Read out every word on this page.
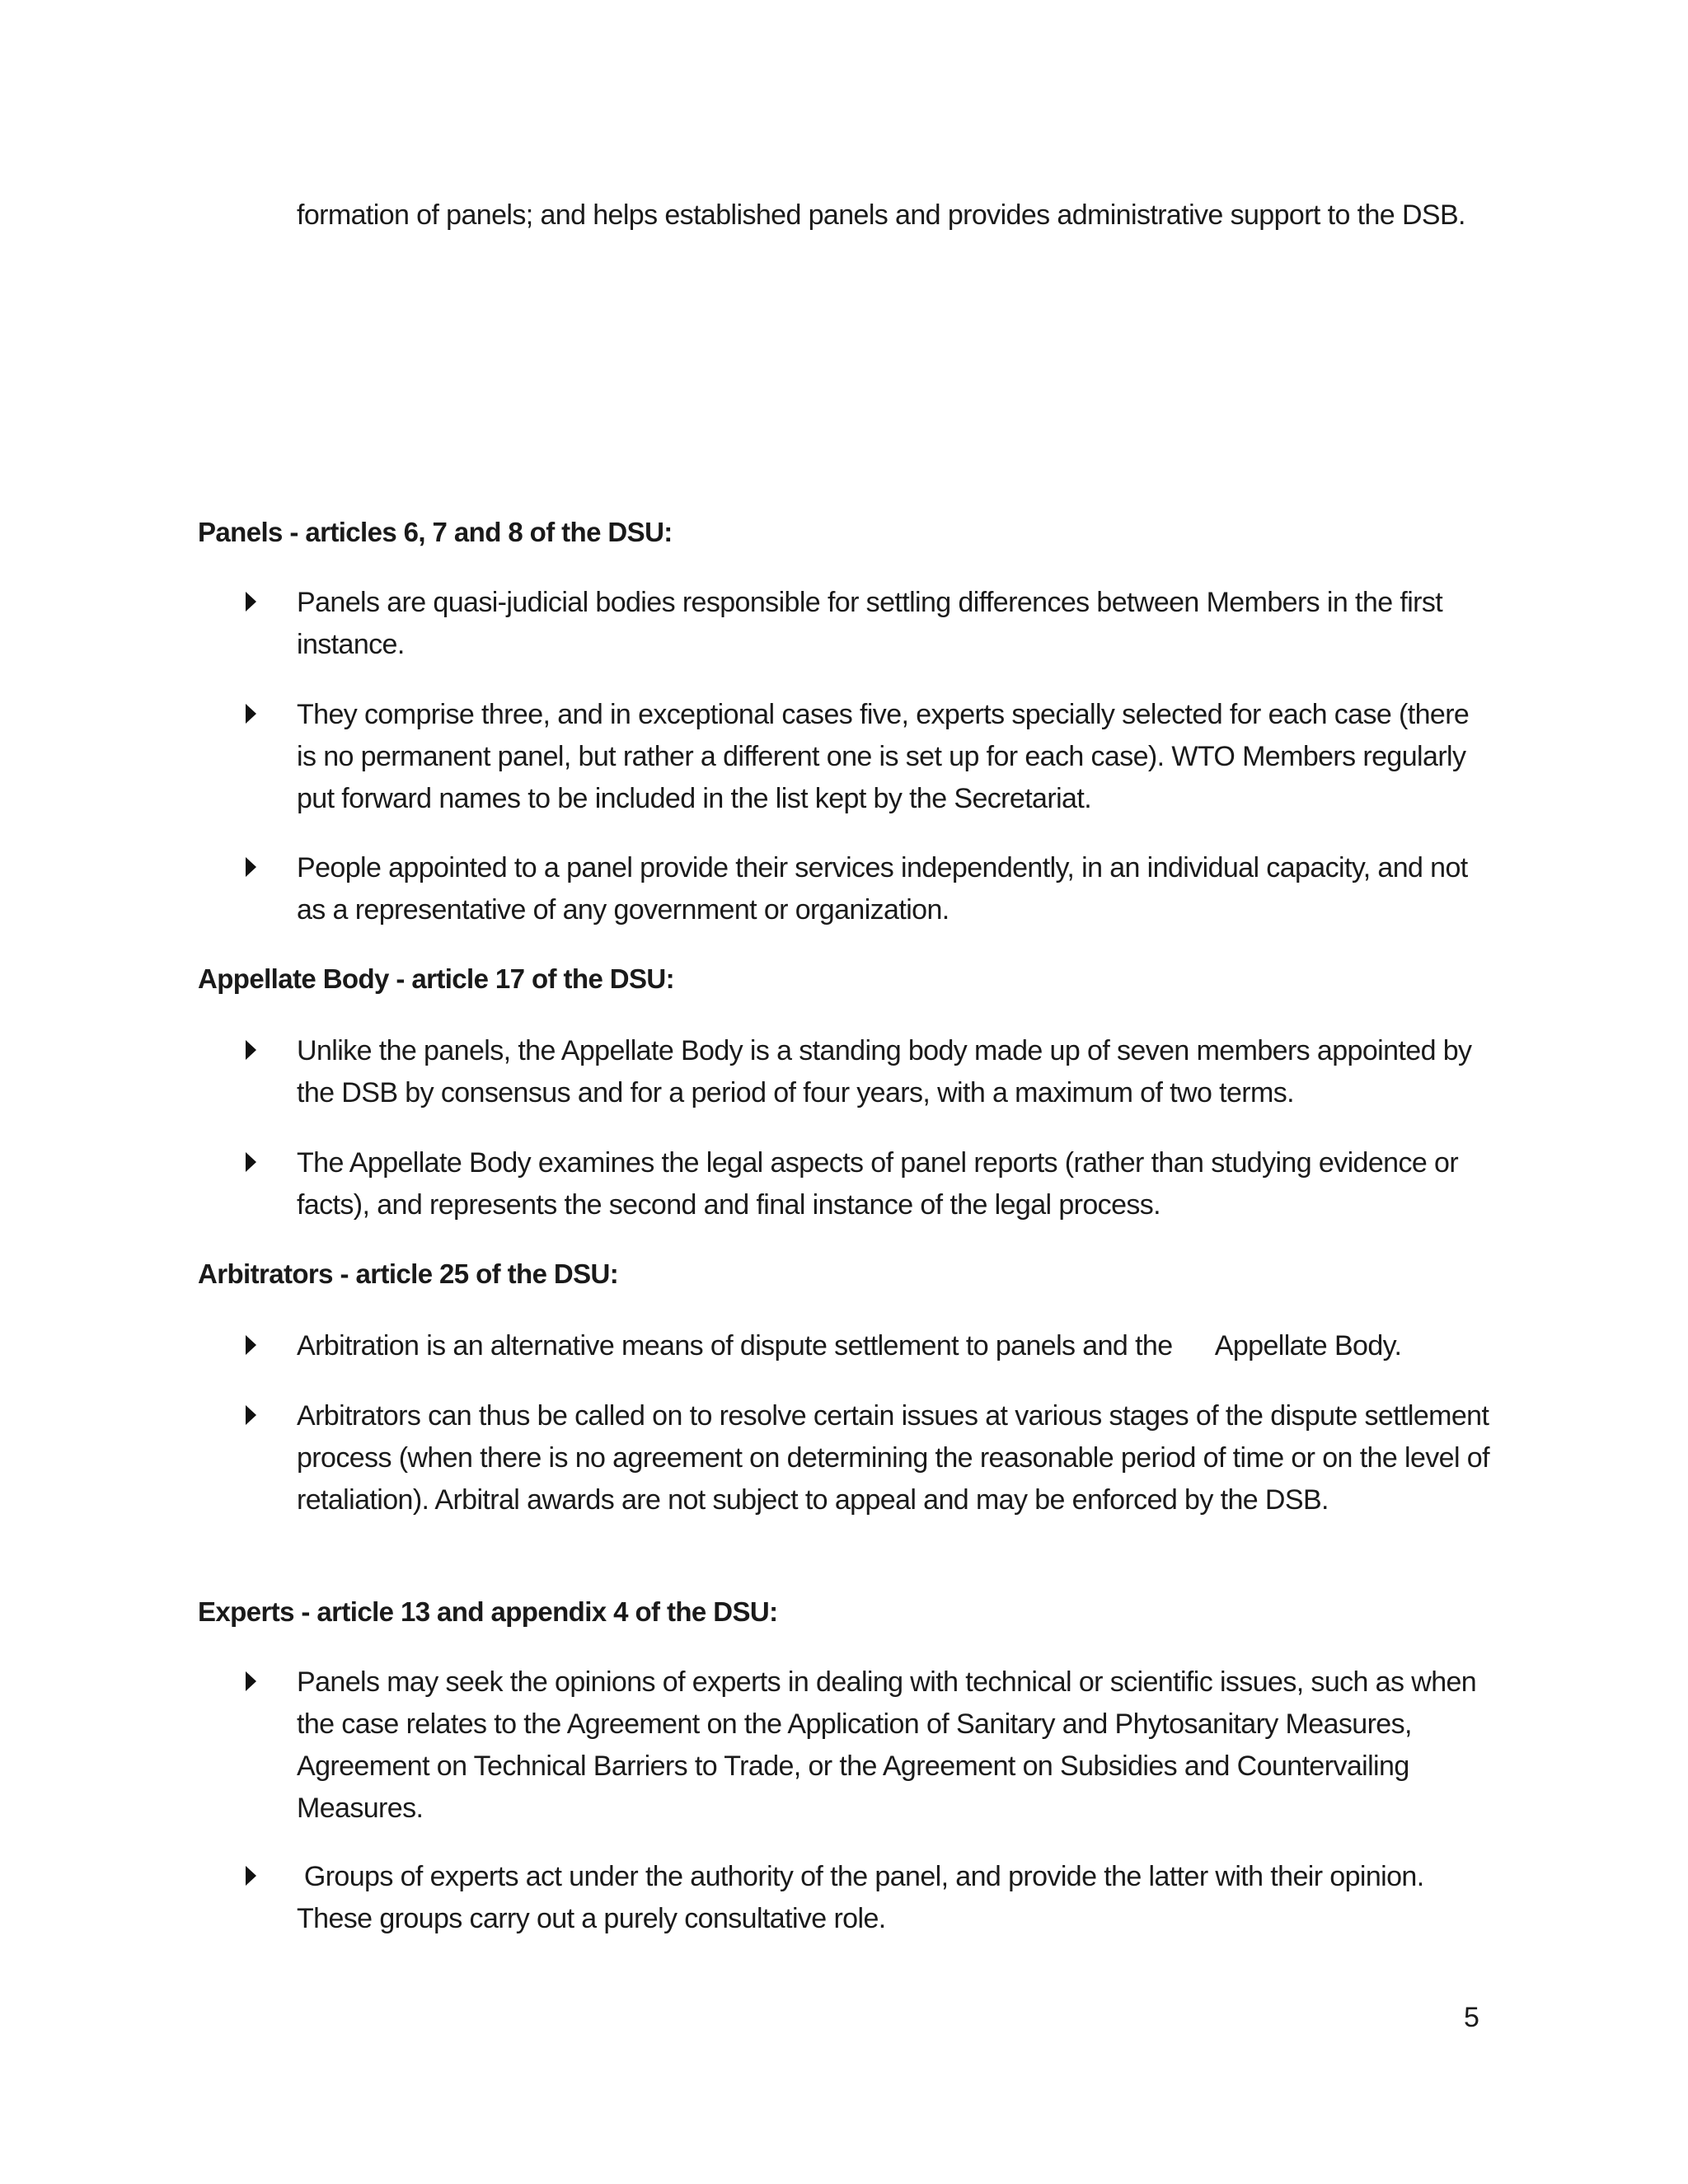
formation of panels; and helps established panels and provides administrative support to the DSB.

Panels - articles 6, 7 and 8 of the DSU:

Panels are quasi-judicial bodies responsible for settling differences between Members in the first instance.

They comprise three, and in exceptional cases five, experts specially selected for each case (there is no permanent panel, but rather a different one is set up for each case). WTO Members regularly put forward names to be included in the list kept by the Secretariat.

People appointed to a panel provide their services independently, in an individual capacity, and not as a representative of any government or organization.

Appellate Body - article 17 of the DSU:

Unlike the panels, the Appellate Body is a standing body made up of seven members appointed by the DSB by consensus and for a period of four years, with a maximum of two terms.

The Appellate Body examines the legal aspects of panel reports (rather than studying evidence or facts), and represents the second and final instance of the legal process.

Arbitrators - article 25 of the DSU:

Arbitration is an alternative means of dispute settlement to panels and the      Appellate Body.

Arbitrators can thus be called on to resolve certain issues at various stages of the dispute settlement process (when there is no agreement on determining the reasonable period of time or on the level of retaliation). Arbitral awards are not subject to appeal and may be enforced by the DSB.

Experts - article 13 and appendix 4 of the DSU:

Panels may seek the opinions of experts in dealing with technical or scientific issues, such as when the case relates to the Agreement on the Application of Sanitary and Phytosanitary Measures, Agreement on Technical Barriers to Trade, or the Agreement on Subsidies and Countervailing Measures.

Groups of experts act under the authority of the panel, and provide the latter with their opinion. These groups carry out a purely consultative role.

5
